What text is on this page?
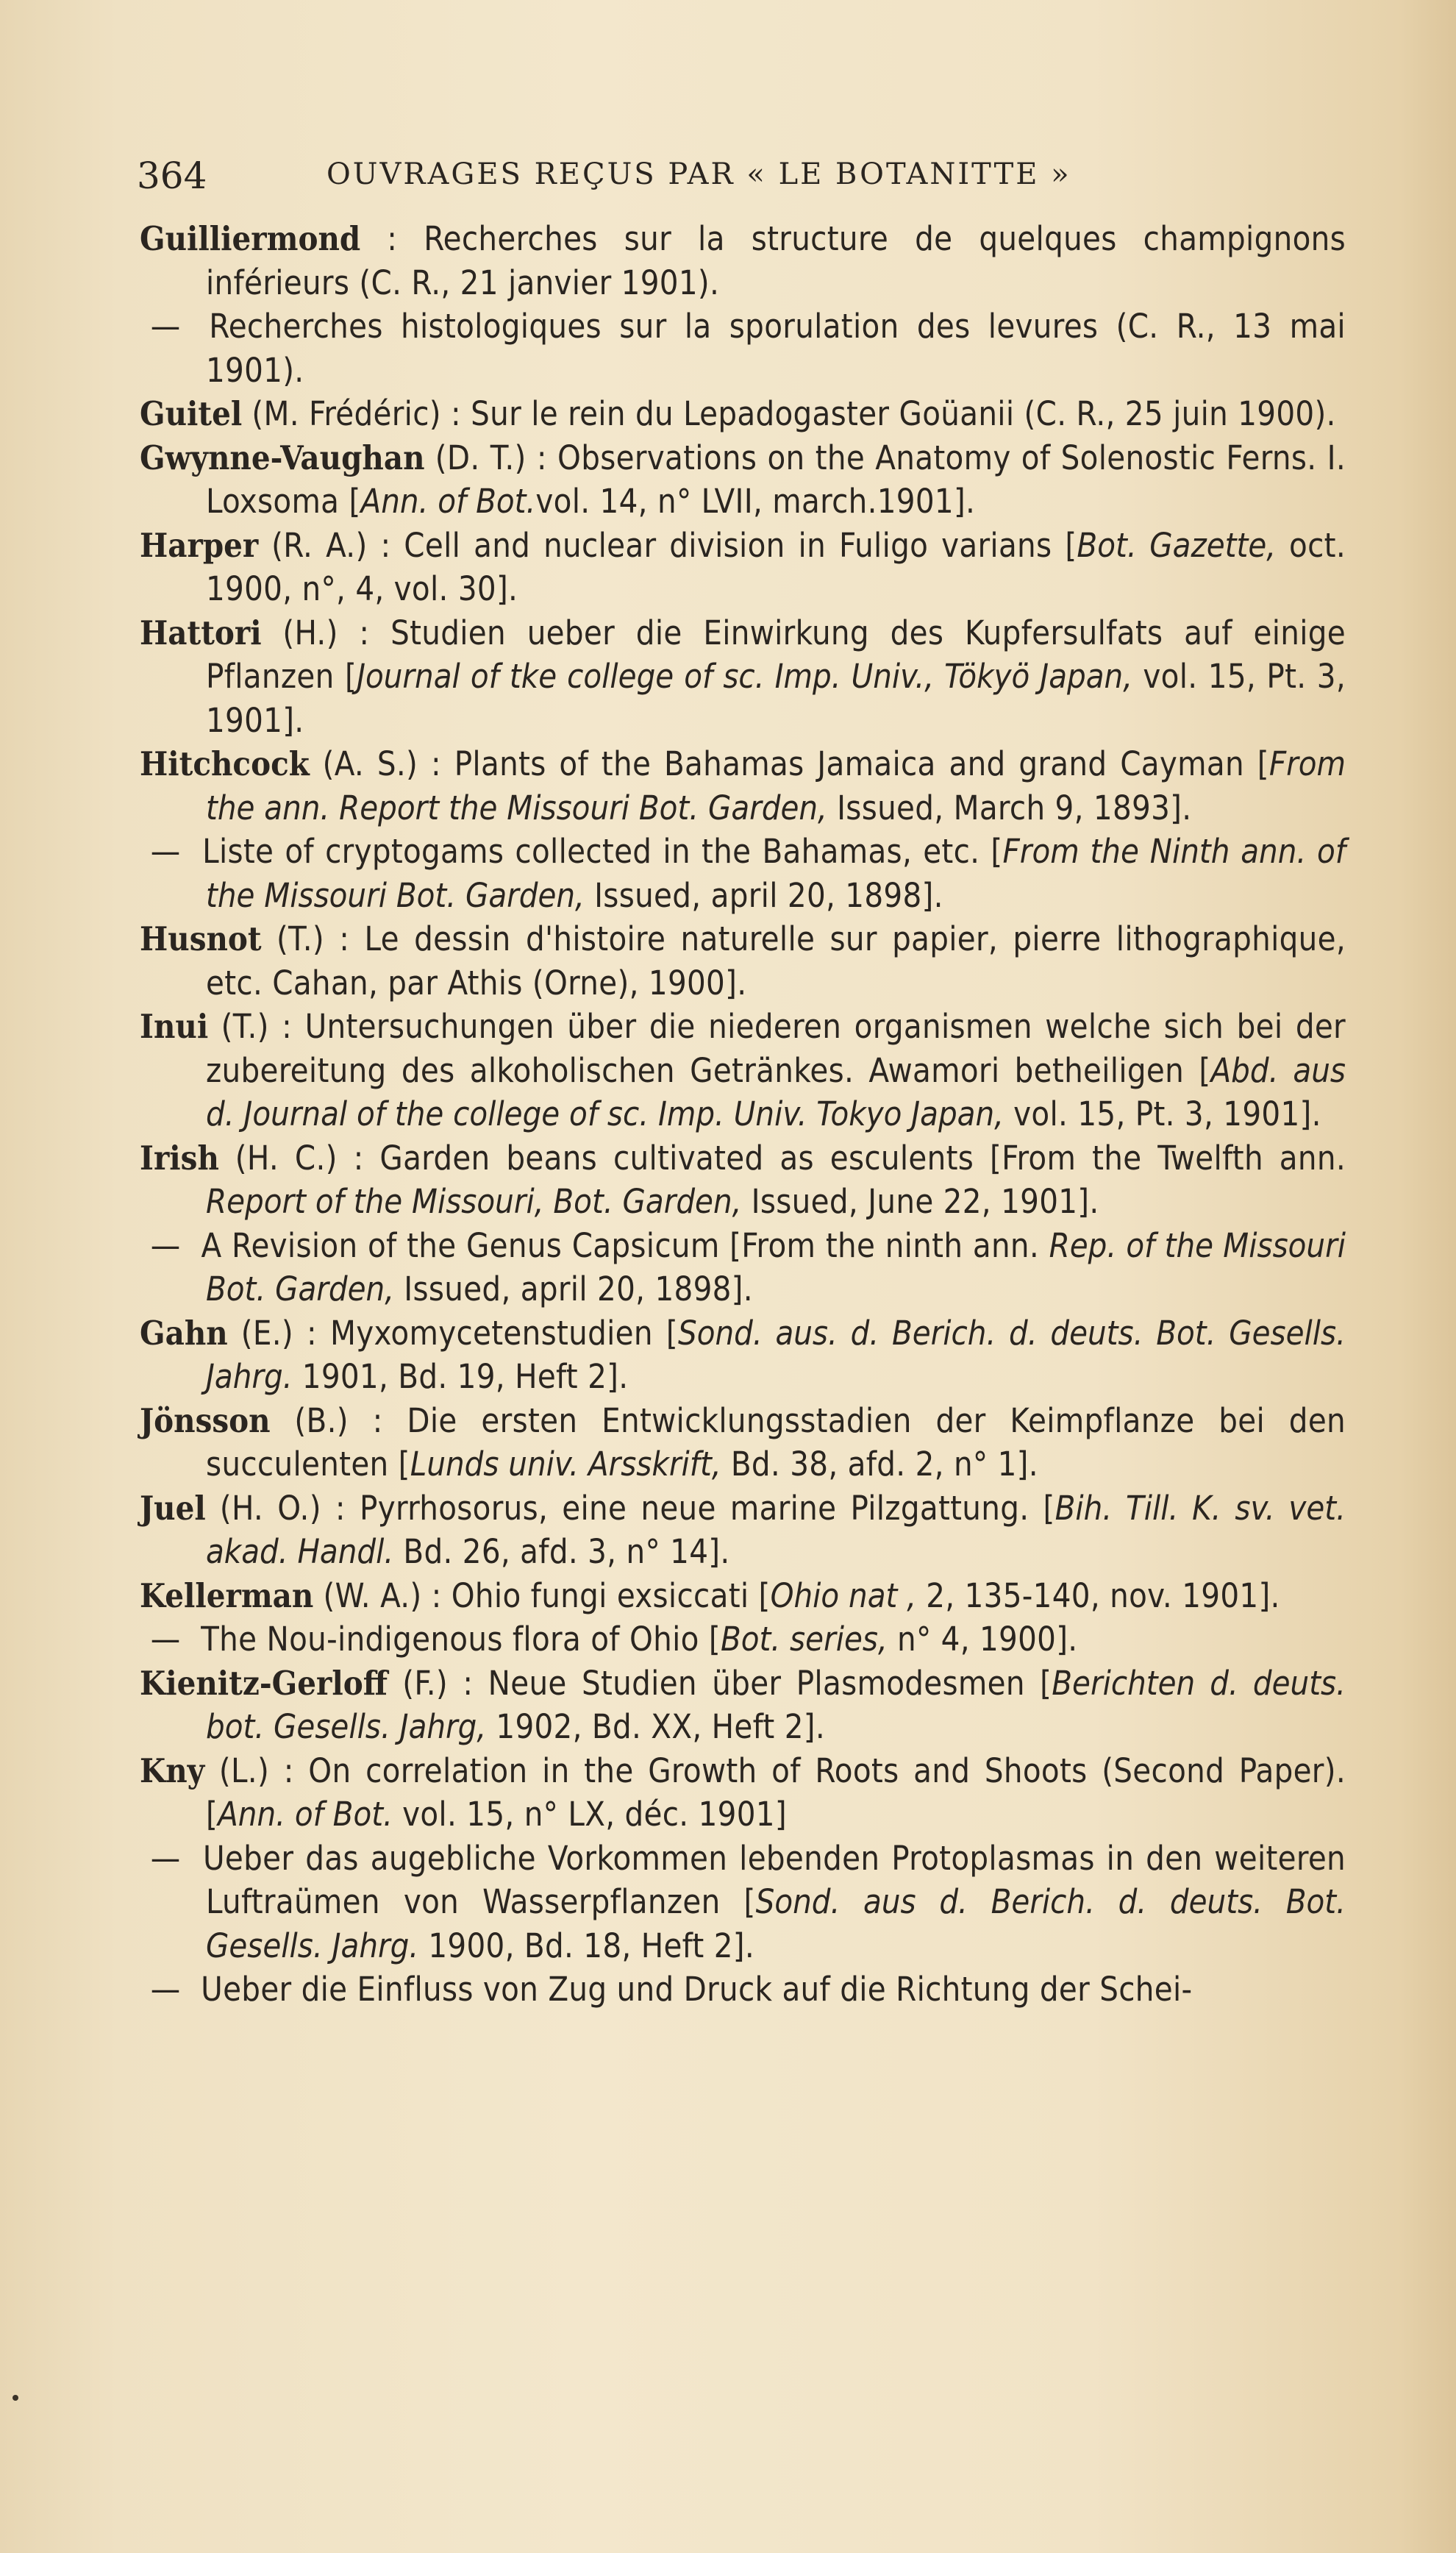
364	OUVRAGES REÇUS PAR « LE BOTANITTE »

Guilliermond : Recherches sur la structure de quelques champignons inférieurs (C. R., 21 janvier 1901).

— Recherches histologiques sur la sporulation des levures (C. R., 13 mai 1901).

Guitel (M. Frédéric) : Sur le rein du Lepadogaster Goüanii (C. R., 25 juin 1900).

Gwynne-Vaughan (D. T.) : Observations on the Anatomy of Solenostic Ferns. I. Loxsoma [Ann. of Bot.vol. 14, n° LVII, march.1901].

Harper (R. A.) : Cell and nuclear division in Fuligo varians [Bot. Gazette, oct. 1900, n°, 4, vol. 30].

Hattori (H.) : Studien ueber die Einwirkung des Kupfersulfats auf einige Pflanzen [Journal of tke college of sc. Imp. Univ., Tökyö Japan, vol. 15, Pt. 3, 1901].

Hitchcock (A. S.) : Plants of the Bahamas Jamaica and grand Cayman [From the ann. Report the Missouri Bot. Garden, Issued, March 9, 1893].

— Liste of cryptogams collected in the Bahamas, etc. [From the Ninth ann. of the Missouri Bot. Garden, Issued, april 20, 1898].

Husnot (T.) : Le dessin d'histoire naturelle sur papier, pierre lithographique, etc. Cahan, par Athis (Orne), 1900].

Inui (T.) : Untersuchungen über die niederen organismen welche sich bei der zubereitung des alkoholischen Getränkes. Awamori betheiligen [Abd. aus d. Journal of the college of sc. Imp. Univ. Tokyo Japan, vol. 15, Pt. 3, 1901].

Irish (H. C.) : Garden beans cultivated as esculents [From the Twelfth ann. Report of the Missouri, Bot. Garden, Issued, June 22, 1901].

— A Revision of the Genus Capsicum [From the ninth ann. Rep. of the Missouri Bot. Garden, Issued, april 20, 1898].

Gahn (E.) : Myxomycetenstudien [Sond. aus. d. Berich. d. deuts. Bot. Gesells. Jahrg. 1901, Bd. 19, Heft 2].

Jönsson (B.) : Die ersten Entwicklungsstadien der Keimpflanze bei den succulenten [Lunds univ. Arsskrift, Bd. 38, afd. 2, n° 1].

Juel (H. O.) : Pyrrhosorus, eine neue marine Pilzgattung. [Bih. Till. K. sv. vet. akad. Handl. Bd. 26, afd. 3, n° 14].

Kellerman (W. A.) : Ohio fungi exsiccati [Ohio nat , 2, 135-140, nov. 1901].

— The Nou-indigenous flora of Ohio [Bot. series, n° 4, 1900].

Kienitz-Gerloff (F.) : Neue Studien über Plasmodesmen [Berichten d. deuts. bot. Gesells. Jahrg, 1902, Bd. XX, Heft 2].

Kny (L.) : On correlation in the Growth of Roots and Shoots (Second Paper). [Ann. of Bot. vol. 15, n° LX, déc. 1901]

— Ueber das augebliche Vorkommen lebenden Protoplasmas in den weiteren Luftraümen von Wasserpflanzen [Sond. aus d. Berich. d. deuts. Bot. Gesells. Jahrg. 1900, Bd. 18, Heft 2].

— Ueber die Einfluss von Zug und Druck auf die Richtung der Schei-
